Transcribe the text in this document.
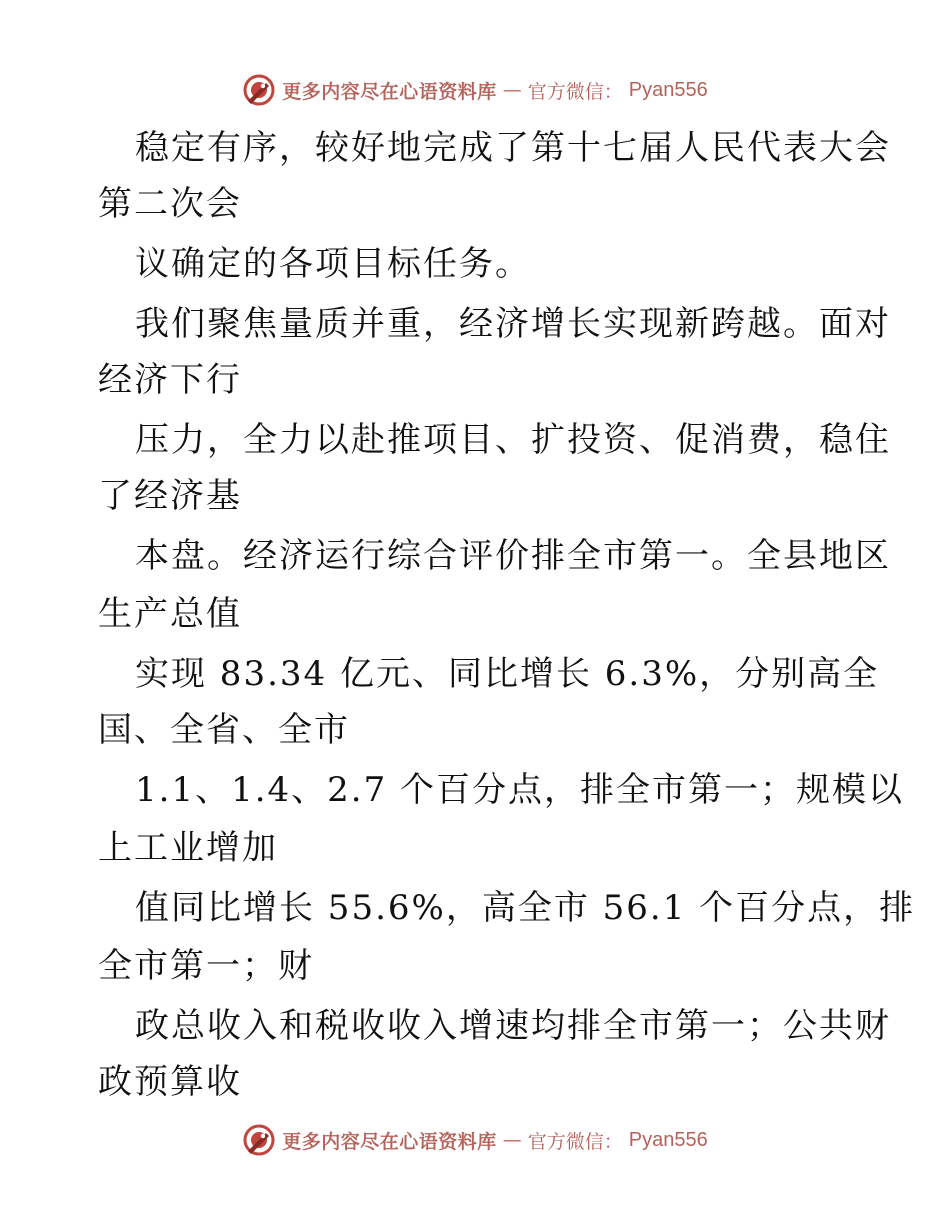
更多内容尽在心语资料库 — 官方微信： Pyan556
稳定有序，较好地完成了第十七届人民代表大会
第二次会
议确定的各项目标任务。
我们聚焦量质并重，经济增长实现新跨越。面对
经济下行
压力，全力以赴推项目、扩投资、促消费，稳住
了经济基
本盘。经济运行综合评价排全市第一。全县地区
生产总值
实现 83.34 亿元、同比增长 6.3%，分别高全
国、全省、全市
1.1、1.4、2.7 个百分点，排全市第一；规模以
上工业增加
值同比增长 55.6%，高全市 56.1 个百分点，排
全市第一；财
政总收入和税收收入增速均排全市第一；公共财
政预算收
更多内容尽在心语资料库 — 官方微信： Pyan556
